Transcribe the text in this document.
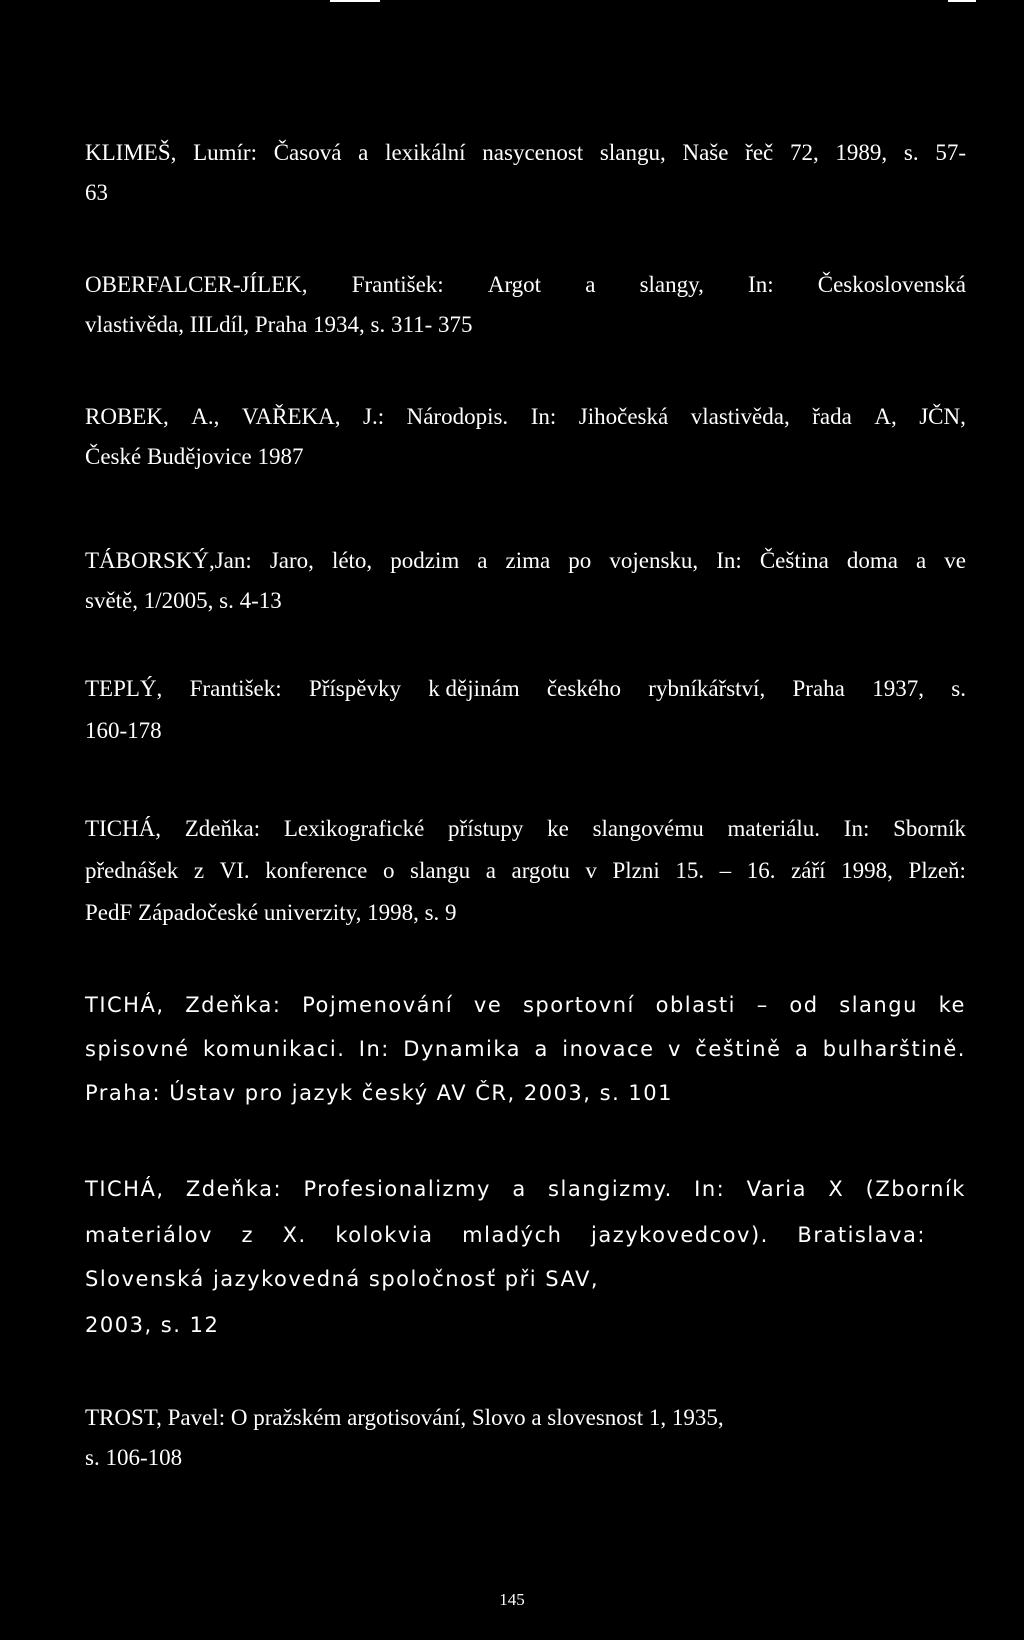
KLIMEŠ, Lumír: Časová a lexikální nasycenost slangu, Naše řeč 72, 1989, s. 57-
63
OBERFALCER-JÍLEK, František: Argot a slangy, In: Československá
vlastivěda, IILdíl, Praha 1934, s. 311- 375
ROBEK, A., VAŘEKA, J.: Národopis. In: Jihočeská vlastivěda, řada A, JČN,
České Budějovice 1987
TÁBORSKÝ,Jan: Jaro, léto, podzim a zima po vojensku, In: Čeština doma a ve
světě, 1/2005, s. 4-13
TEPLÝ, František: Příspěvky k dějinám českého rybníkářství, Praha 1937, s.
160-178
TICHÁ, Zdeňka: Lexikografické přístupy ke slangovému materiálu. In: Sborník
přednášek z VI. konference o slangu a argotu v Plzni 15. – 16. září 1998, Plzeň:
PedF Západočeské univerzity, 1998, s. 9
TICHÁ, Zdeňka: Pojmenování ve sportovní oblasti – od slangu ke
spisovné komunikaci. In: Dynamika a inovace v češtině a bulharštině.
Praha: Ústav pro jazyk český AV ČR, 2003, s. 101
TICHÁ, Zdeňka: Profesionalizmy a slangizmy. In: Varia X (Zborník
materiálov z X. kolokvia mladých jazykovedcov). Bratislava:
Slovenská jazykovedná spoločnosť při SAV,
2003, s. 12
TROST, Pavel: O pražském argotisování, Slovo a slovesnost 1, 1935,
s. 106-108
145
